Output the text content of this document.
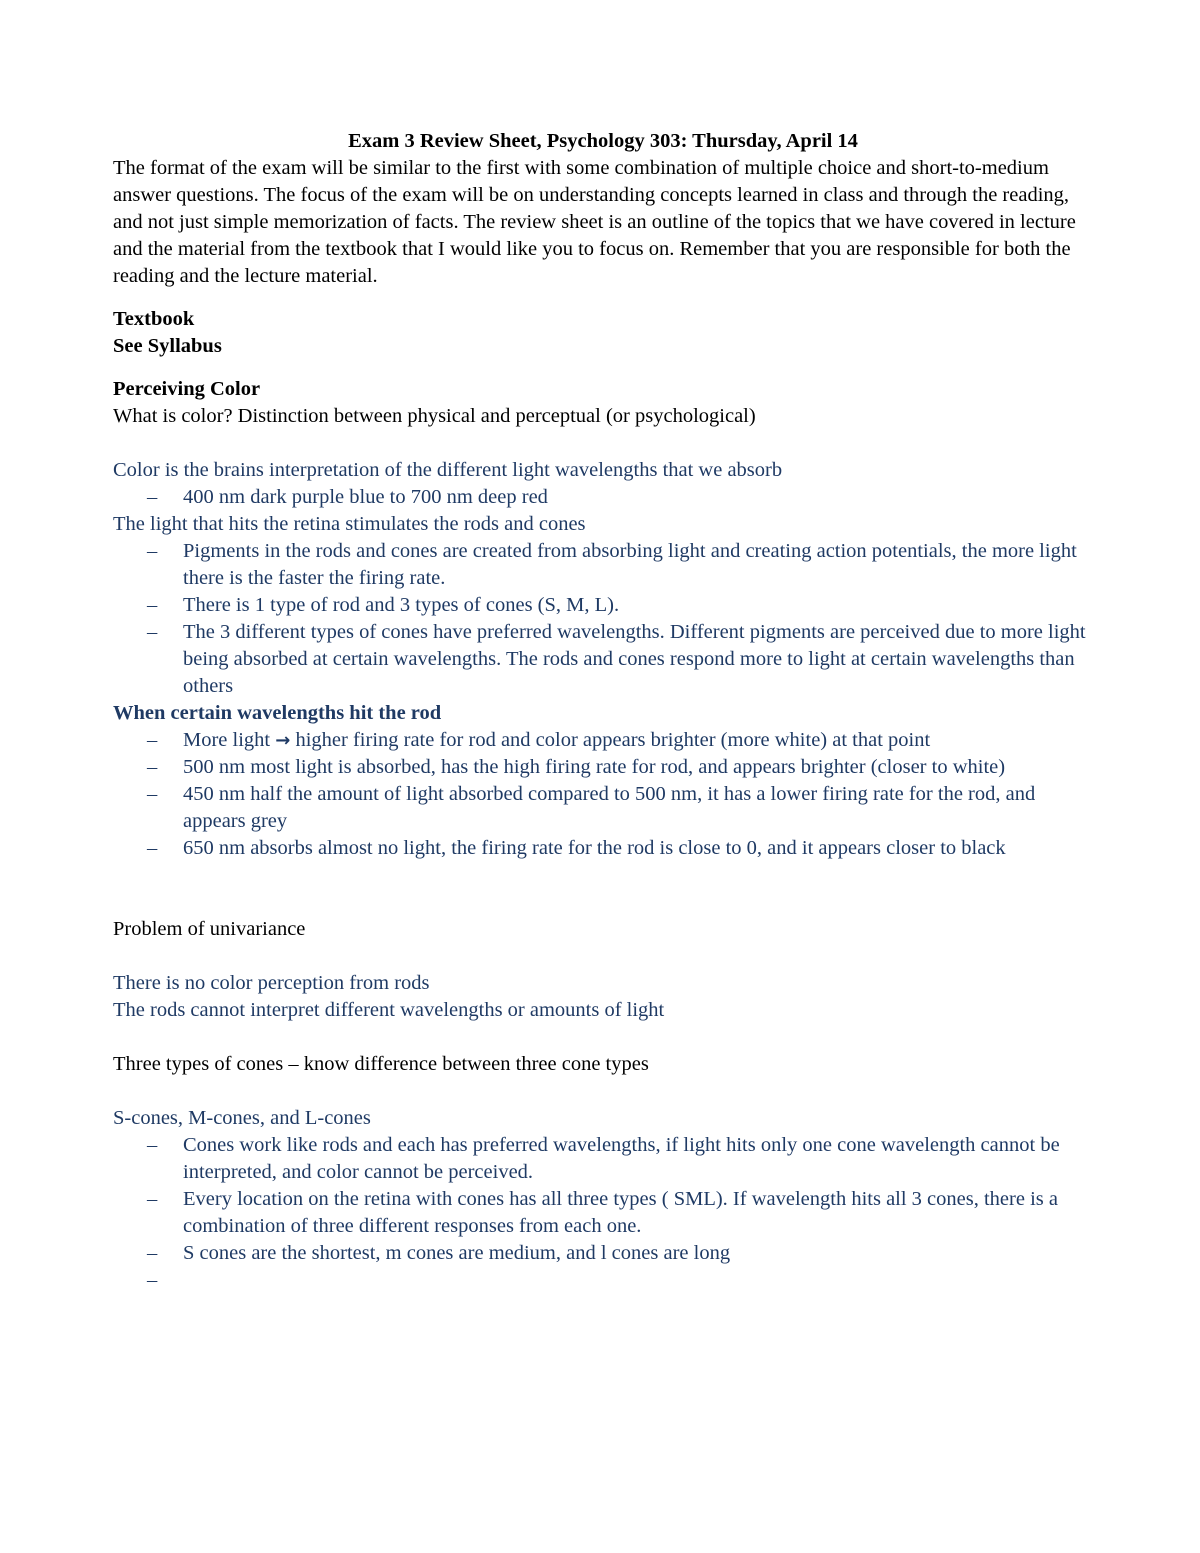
Exam 3 Review Sheet, Psychology 303: Thursday, April 14

The format of the exam will be similar to the first with some combination of multiple choice and short-to-medium answer questions. The focus of the exam will be on understanding concepts learned in class and through the reading, and not just simple memorization of facts. The review sheet is an outline of the topics that we have covered in lecture and the material from the textbook that I would like you to focus on. Remember that you are responsible for both the reading and the lecture material.

Textbook

See Syllabus

Perceiving Color

What is color? Distinction between physical and perceptual (or psychological)

Color is the brains interpretation of the different light wavelengths that we absorb

– 400 nm dark purple blue to 700 nm deep red

The light that hits the retina stimulates the rods and cones

– Pigments in the rods and cones are created from absorbing light and creating action potentials, the more light there is the faster the firing rate.
– There is 1 type of rod and 3 types of cones (S, M, L).
– The 3 different types of cones have preferred wavelengths. Different pigments are perceived due to more light being absorbed at certain wavelengths. The rods and cones respond more to light at certain wavelengths than others

When certain wavelengths hit the rod

– More light → higher firing rate for rod and color appears brighter (more white) at that point
– 500 nm most light is absorbed, has the high firing rate for rod, and appears brighter (closer to white)
– 450 nm half the amount of light absorbed compared to 500 nm, it has a lower firing rate for the rod, and appears grey
– 650 nm absorbs almost no light, the firing rate for the rod is close to 0, and it appears closer to black

Problem of univariance

There is no color perception from rods

The rods cannot interpret different wavelengths or amounts of light

Three types of cones – know difference between three cone types

S-cones, M-cones, and L-cones

– Cones work like rods and each has preferred wavelengths, if light hits only one cone wavelength cannot be interpreted, and color cannot be perceived.
– Every location on the retina with cones has all three types ( SML). If wavelength hits all 3 cones, there is a combination of three different responses from each one.
– S cones are the shortest, m cones are medium, and l cones are long
–
